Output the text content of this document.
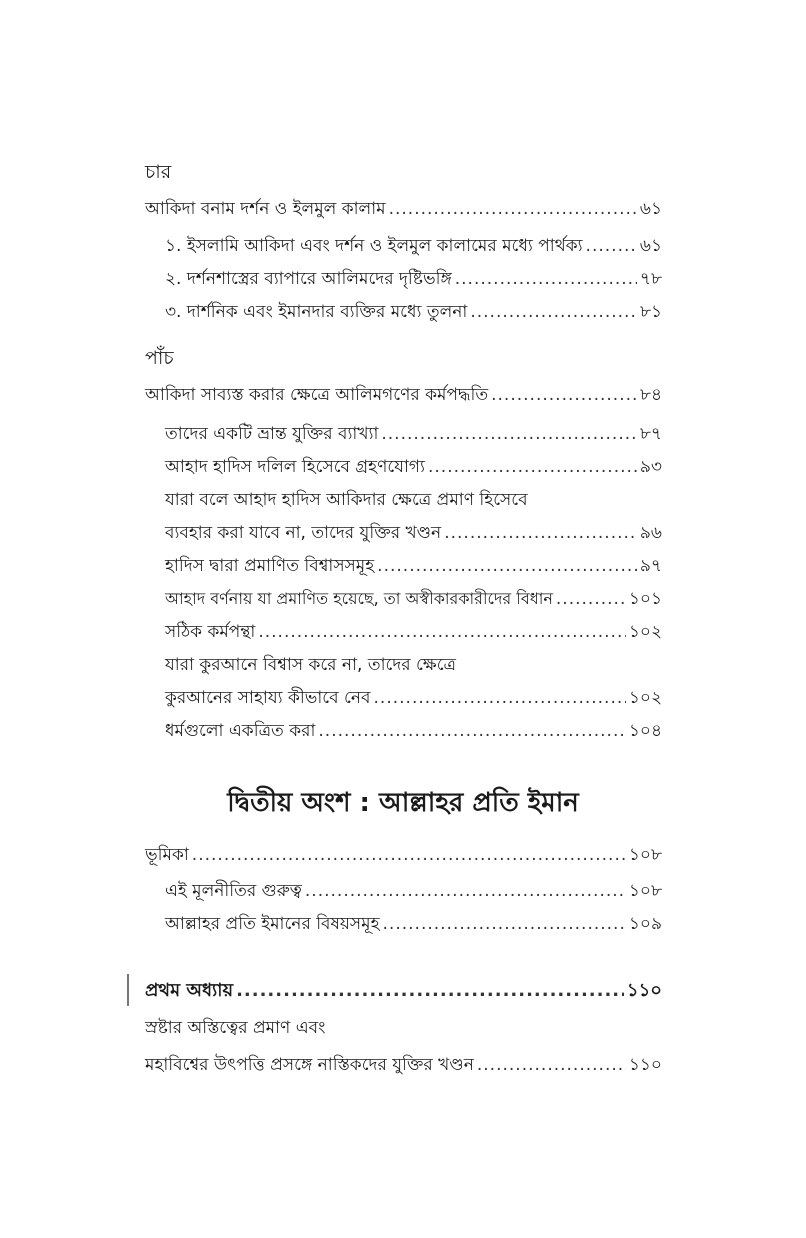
চার
আকিদা বনাম দর্শন ও ইলমুল কালাম .....	৬১
১. ইসলামি আকিদা এবং দর্শন ও ইলমুল কালামের মধ্যে পার্থক্য .....	৬১
২. দর্শনশাস্ত্রের ব্যাপারে আলিমদের দৃষ্টিভঙ্গি .....	৭৮
৩. দার্শনিক এবং ইমানদার ব্যক্তির মধ্যে তুলনা .....	৮১
পাঁচ
আকিদা সাব্যস্ত করার ক্ষেত্রে আলিমগণের কর্মপদ্ধতি .....	৮৪
তাদের একটি ভ্রান্ত যুক্তির ব্যাখ্যা .....	৮৭
আহাদ হাদিস দলিল হিসেবে গ্রহণযোগ্য .....	৯৩
যারা বলে আহাদ হাদিস আকিদার ক্ষেত্রে প্রমাণ হিসেবে
ব্যবহার করা যাবে না, তাদের যুক্তির খণ্ডন .....	৯৬
হাদিস দ্বারা প্রমাণিত বিশ্বাসসমূহ .....	৯৭
আহাদ বর্ণনায় যা প্রমাণিত হয়েছে, তা অস্বীকারকারীদের বিধান .....	১০১
সঠিক কর্মপন্থা .....	১০২
যারা কুরআনে বিশ্বাস করে না, তাদের ক্ষেত্রে
কুরআনের সাহায্য কীভাবে নেব .....	১০২
ধর্মগুলো একত্রিত করা .....	১০৪
দ্বিতীয় অংশ : আল্লাহর প্রতি ইমান
ভূমিকা .....	১০৮
এই মূলনীতির গুরুত্ব .....	১০৮
আল্লাহর প্রতি ইমানের বিষয়সমূহ .....	১০৯
প্রথম অধ্যায় .....	১১০
স্রষ্টার অস্তিত্বের প্রমাণ এবং
মহাবিশ্বের উৎপত্তি প্রসঙ্গে নাস্তিকদের যুক্তির খণ্ডন .....	১১০
